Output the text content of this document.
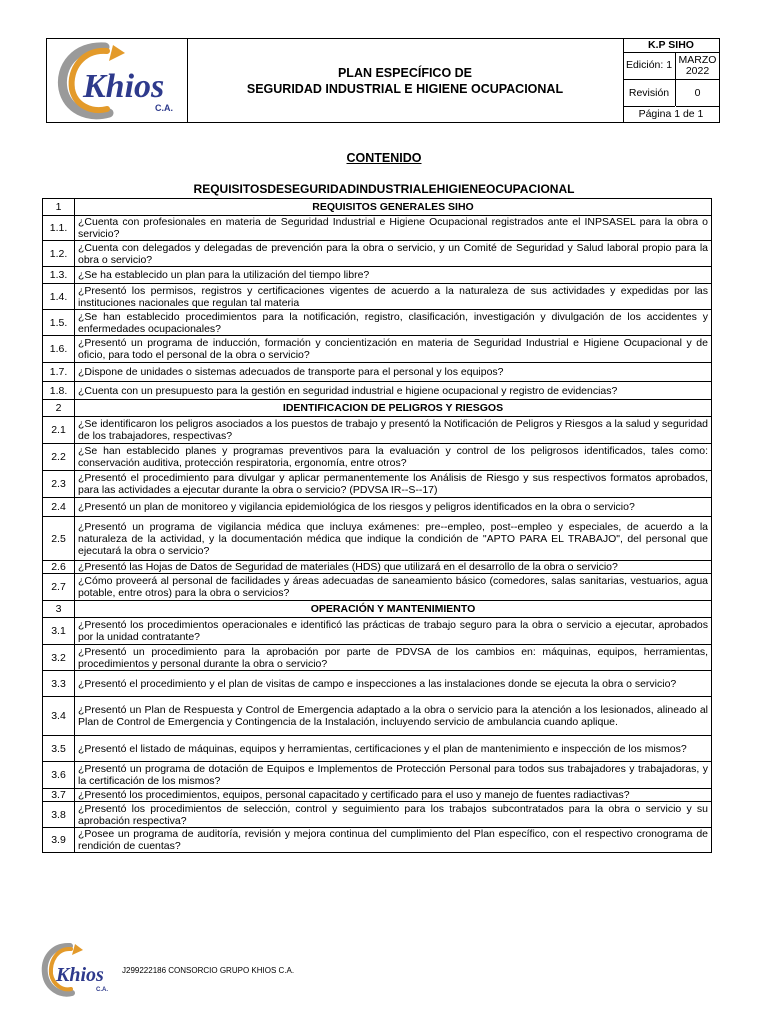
Khios
C.A.
PLAN ESPECÍFICO DE
SEGURIDAD INDUSTRIAL E HIGIENE OCUPACIONAL
K.P SIHO
Edición: 1 MARZO
2022
Revisión	0
Página 1 de 1
CONTENIDO
REQUISITOSDESEGURIDADINDUSTRIALEHIGIENEOCUPACIONAL
1	REQUISITOS GENERALES SIHO
1.1.	¿Cuenta con profesionales en materia de Seguridad Industrial e Higiene Ocupacional registrados ante el INPSASEL para la obra o servicio?
1.2.	¿Cuenta con delegados y delegadas de prevención para la obra o servicio, y un Comité de Seguridad y Salud laboral propio para la obra o servicio?
1.3.	¿Se ha establecido un plan para la utilización del tiempo libre?
1.4.	¿Presentó los permisos, registros y certificaciones vigentes de acuerdo a la naturaleza de sus actividades y expedidas por las instituciones nacionales que regulan tal materia
1.5.	¿Se han establecido procedimientos para la notificación, registro, clasificación, investigación y divulgación de los accidentes y enfermedades ocupacionales?
1.6.	¿Presentó un programa de inducción, formación y concientización en materia de Seguridad Industrial e Higiene Ocupacional y de oficio, para todo el personal de la obra o servicio?
1.7.	¿Dispone de unidades o sistemas adecuados de transporte para el personal y los equipos?
1.8.	¿Cuenta con un presupuesto para la gestión en seguridad industrial e higiene ocupacional y registro de evidencias?
2	IDENTIFICACION DE PELIGROS Y RIESGOS
2.1	¿Se identificaron los peligros asociados a los puestos de trabajo y presentó la Notificación de Peligros y Riesgos a la salud y seguridad de los trabajadores, respectivas?
2.2	¿Se han establecido planes y programas preventivos para la evaluación y control de los peligrosos identificados, tales como: conservación auditiva, protección respiratoria, ergonomía, entre otros?
2.3	¿Presentó el procedimiento para divulgar y aplicar permanentemente los Análisis de Riesgo y sus respectivos formatos aprobados, para las actividades a ejecutar durante la obra o servicio? (PDVSA IR--S--17)
2.4	¿Presentó un plan de monitoreo y vigilancia epidemiológica de los riesgos y peligros identificados en la obra o servicio?
2.5	¿Presentó un programa de vigilancia médica que incluya exámenes: pre--empleo, post--empleo y especiales, de acuerdo a la naturaleza de la actividad, y la documentación médica que indique la condición de "APTO PARA EL TRABAJO", del personal que ejecutará la obra o servicio?
2.6	¿Presentó las Hojas de Datos de Seguridad de materiales (HDS) que utilizará en el desarrollo de la obra o servicio?
2.7	¿Cómo proveerá al personal de facilidades y áreas adecuadas de saneamiento básico (comedores, salas sanitarias, vestuarios, agua potable, entre otros) para la obra o servicios?
3	OPERACIÓN Y MANTENIMIENTO
3.1	¿Presentó los procedimientos operacionales e identificó las prácticas de trabajo seguro para la obra o servicio a ejecutar, aprobados por la unidad contratante?
3.2	¿Presentó un procedimiento para la aprobación por parte de PDVSA de los cambios en: máquinas, equipos, herramientas, procedimientos y personal durante la obra o servicio?
3.3	¿Presentó el procedimiento y el plan de visitas de campo e inspecciones a las instalaciones donde se ejecuta la obra o servicio?
3.4	¿Presentó un Plan de Respuesta y Control de Emergencia adaptado a la obra o servicio para la atención a los lesionados, alineado al Plan de Control de Emergencia y Contingencia de la Instalación, incluyendo servicio de ambulancia cuando aplique.
3.5	¿Presentó el listado de máquinas, equipos y herramientas, certificaciones y el plan de mantenimiento e inspección de los mismos?
3.6	¿Presentó un programa de dotación de Equipos e Implementos de Protección Personal para todos sus trabajadores y trabajadoras, y la certificación de los mismos?
3.7	¿Presentó los procedimientos, equipos, personal capacitado y certificado para el uso y manejo de fuentes radiactivas?
3.8	¿Presentó los procedimientos de selección, control y seguimiento para los trabajos subcontratados para la obra o servicio y su aprobación respectiva?
3.9	¿Posee un programa de auditoría, revisión y mejora continua del cumplimiento del Plan específico, con el respectivo cronograma de rendición de cuentas?
Khios
C.A.
J299222186 CONSORCIO GRUPO KHIOS C.A.
